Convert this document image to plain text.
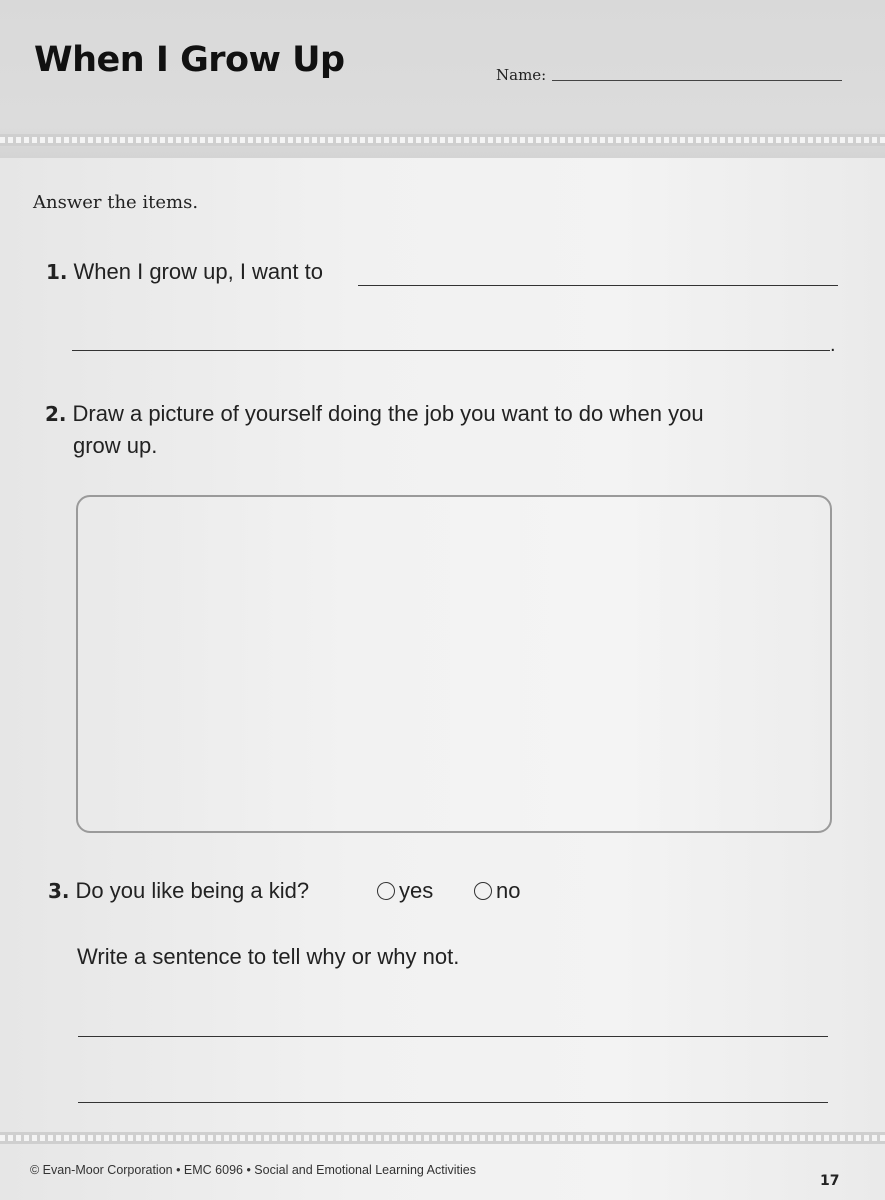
When I Grow Up	Name:
Answer the items.
1. When I grow up, I want to
.
2. Draw a picture of yourself doing the job you want to do when you
grow up.
3. Do you like being a kid?	yes	no
Write a sentence to tell why or why not.
© Evan-Moor Corporation • EMC 6096 • Social and Emotional Learning Activities
17
